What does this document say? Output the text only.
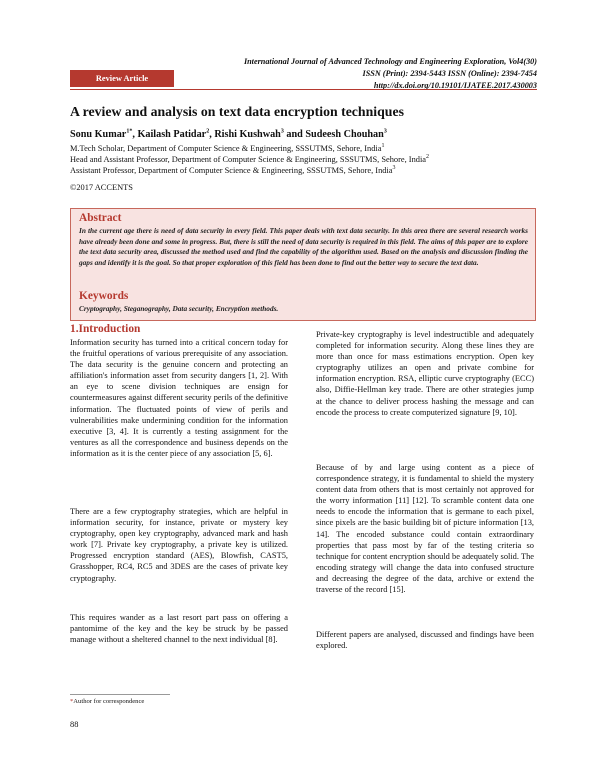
International Journal of Advanced Technology and Engineering Exploration, Vol4(30)
ISSN (Print): 2394-5443 ISSN (Online): 2394-7454
http://dx.doi.org/10.19101/IJATEE.2017.430003
Review Article
A review and analysis on text data encryption techniques
Sonu Kumar$^{1*}$, Kailash Patidar$^2$, Rishi Kushwah$^3$ and Sudeesh Chouhan$^3$
M.Tech Scholar, Department of Computer Science & Engineering, SSSUTMS, Sehore, India$^1$
Head and Assistant Professor, Department of Computer Science & Engineering, SSSUTMS, Sehore, India$^2$
Assistant Professor, Department of Computer Science & Engineering, SSSUTMS, Sehore, India$^3$
©2017 ACCENTS
Abstract
In the current age there is need of data security in every field. This paper deals with text data security. In this area there are several research works have already been done and some in progress. But, there is still the need of data security is required in this field. The aims of this paper are to explore the text data security area, discussed the method used and find the capability of the algorithm used. Based on the analysis and discussion finding the gaps and identify it is the goal. So that proper exploration of this field has been done to find out the better way to secure the text data.
Keywords
Cryptography, Steganography, Data security, Encryption methods.
1.Introduction

Information security has turned into a critical concern today for the fruitful operations of various prerequisite of any association. The data security is the genuine concern and protecting an affiliation's information asset from security dangers [1, 2]. With an eye to scene division techniques are ensign for countermeasures against different security perils of the definitive information. The fluctuated points of view of perils and vulnerabilities make undermining condition for the information executive [3, 4]. It is currently a testing assignment for the ventures as all the correspondence and business depends on the information as it is the center piece of any association [5, 6].

There are a few cryptography strategies, which are helpful in information security, for instance, private or mystery key cryptography, open key cryptography, advanced mark and hash work [7]. Private key cryptography, a private key is utilized. Progressed encryption standard (AES), Blowfish, CAST5, Grasshopper, RC4, RC5 and 3DES are the cases of private key cryptography.

This requires wander as a last resort part pass on offering a pantomime of the key and the key be struck by be passed manage without a sheltered channel to the next individual [8].

Private-key cryptography is level indestructible and adequately completed for information security. Along these lines they are more than once for mass estimations encryption. Open key cryptography utilizes an open and private combine for information encryption. RSA, elliptic curve cryptography (ECC) also, Diffie-Hellman key trade. There are other strategies jump at the chance to deliver process hashing the message and can encode the process to create computerized signature [9, 10].

Because of by and large using content as a piece of correspondence strategy, it is fundamental to shield the mystery content data from others that is most certainly not approved for the worry information [11] [12]. To scramble content data one needs to encode the information that is germane to each pixel, since pixels are the basic building bit of picture information [13, 14]. The encoded substance could contain extraordinary properties that pass most by far of the testing criteria so technique for content encryption should be adequately solid. The encoding strategy will change the data into confused structure and decreasing the degree of the data, archive or extend the traverse of the record [15].

Different papers are analysed, discussed and findings have been explored.

*Author for correspondence
88
